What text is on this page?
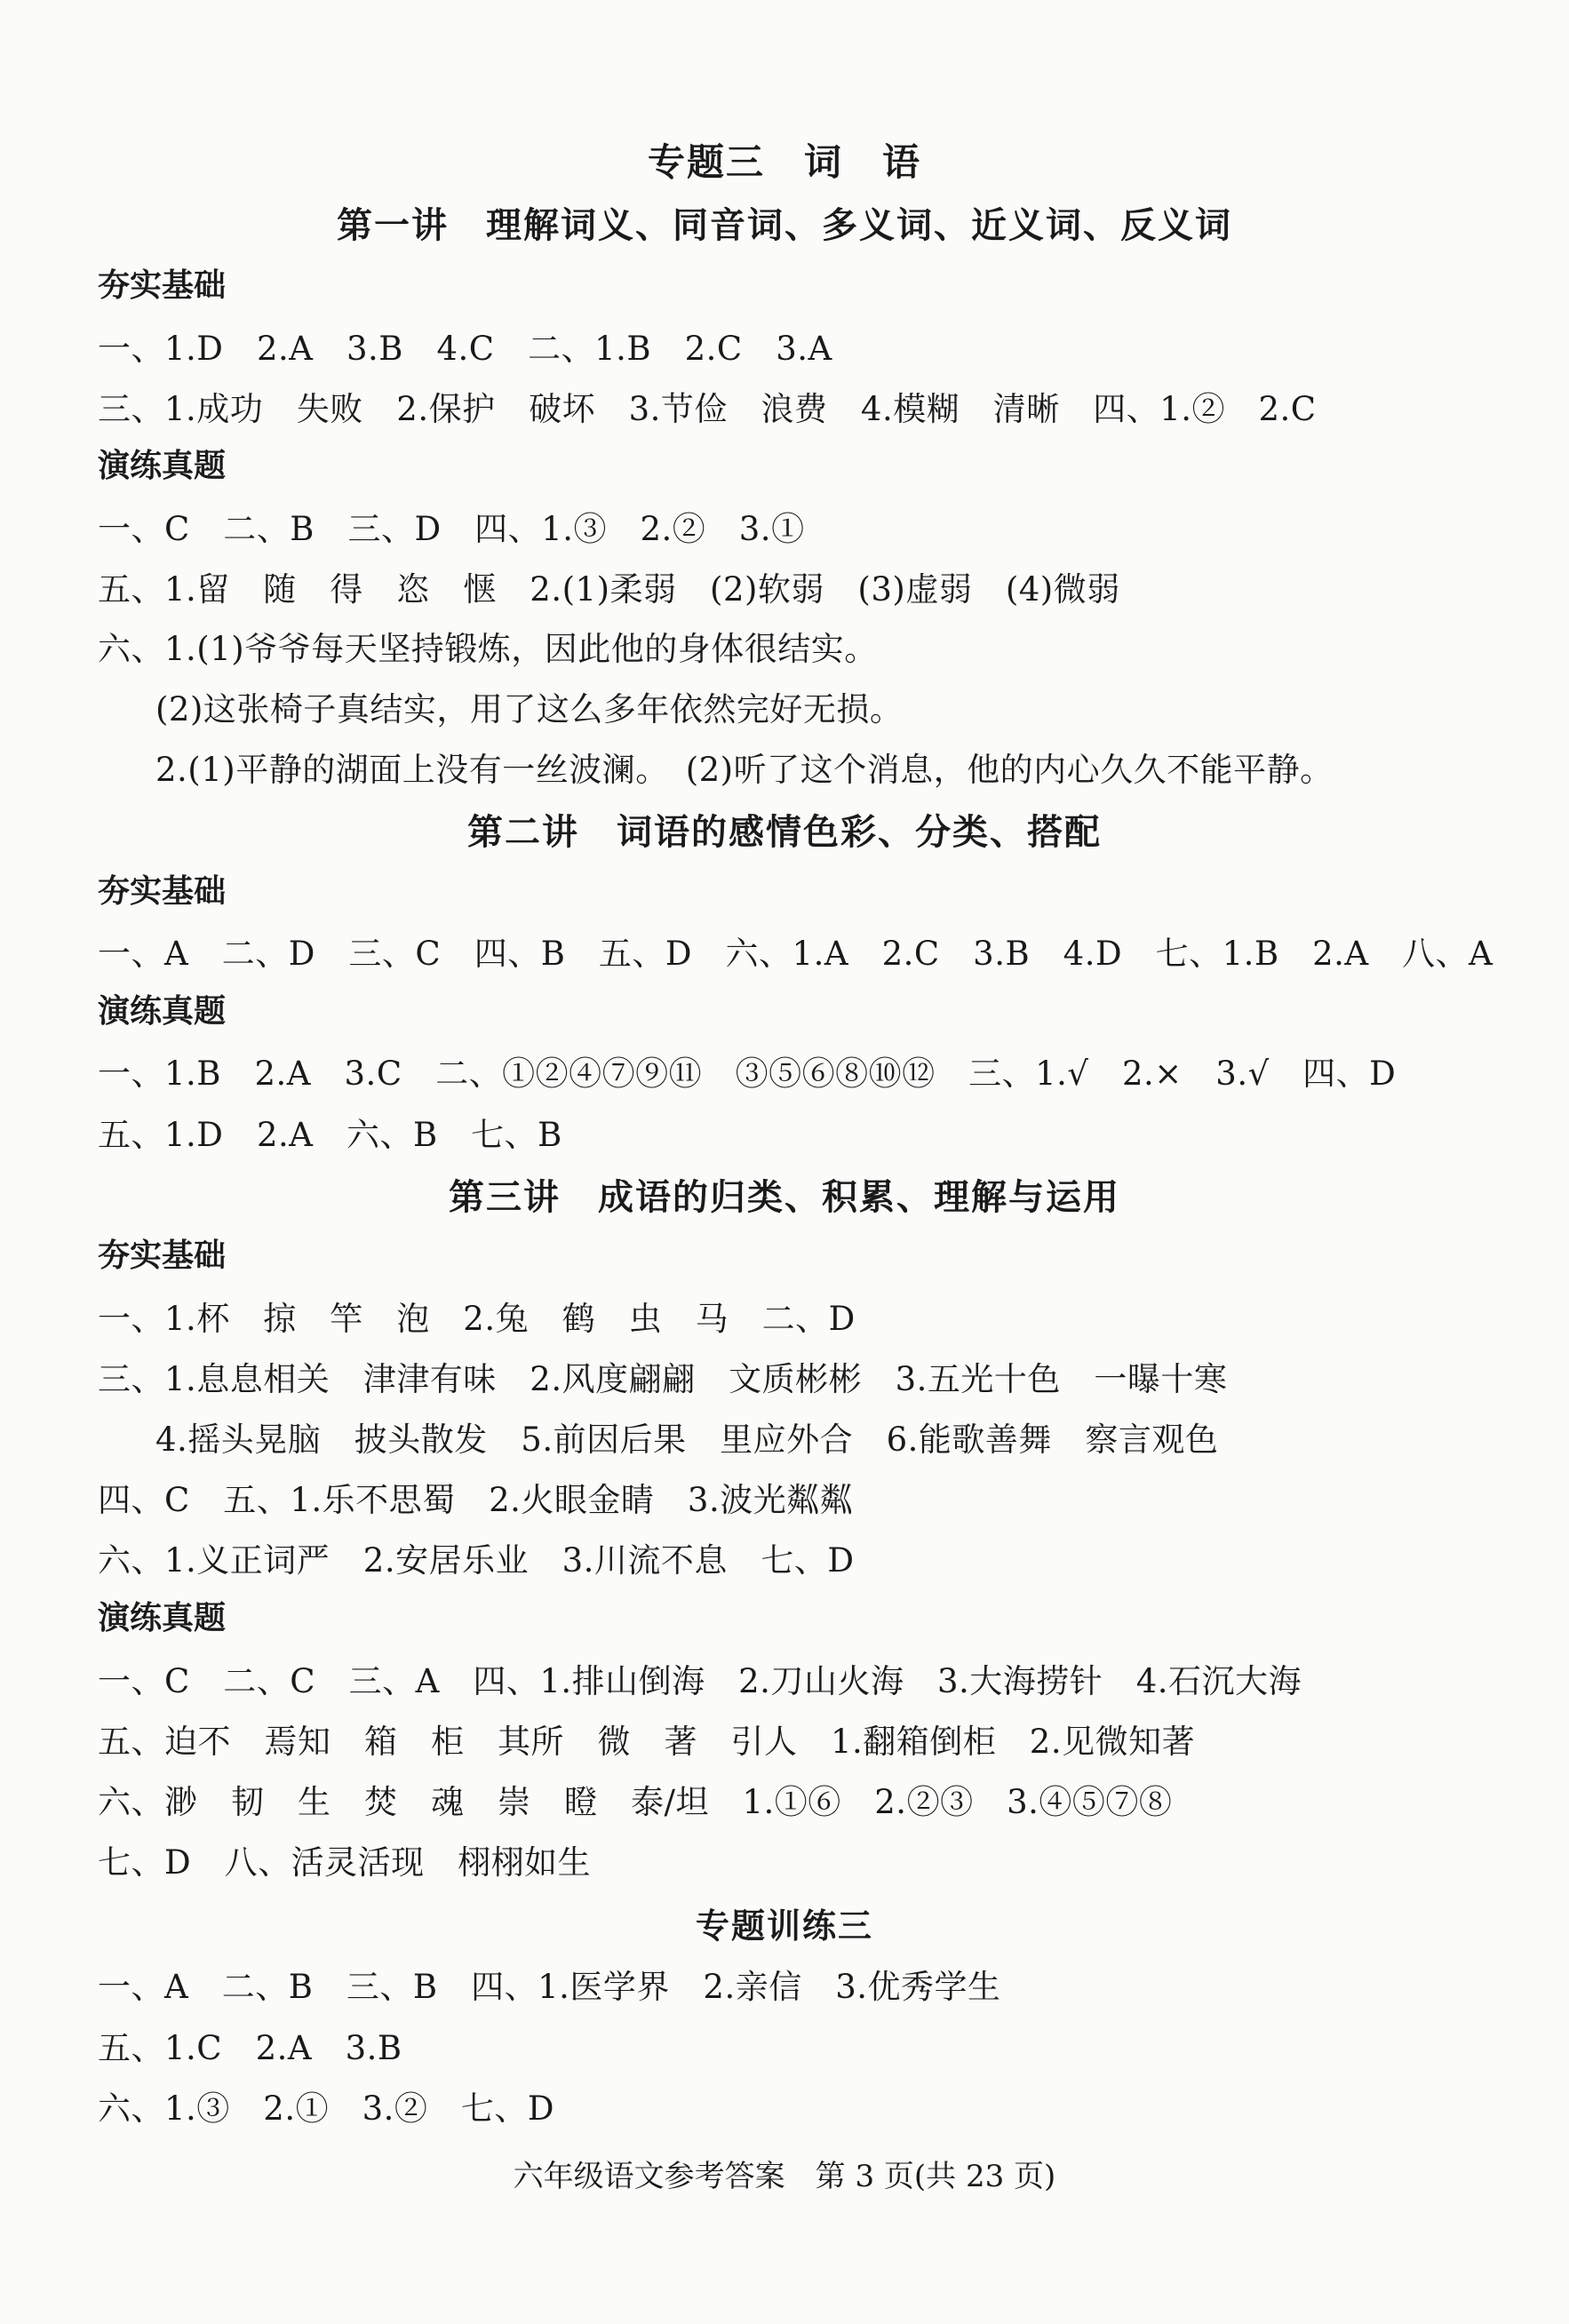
专题三　词　语
第一讲　理解词义、同音词、多义词、近义词、反义词
夯实基础
一、1.D　2.A　3.B　4.C　二、1.B　2.C　3.A
三、1.成功　失败　2.保护　破坏　3.节俭　浪费　4.模糊　清晰　四、1.②　2.C
演练真题
一、C　二、B　三、D　四、1.③　2.②　3.①
五、1.留　随　得　恣　惬　2.(1)柔弱　(2)软弱　(3)虚弱　(4)微弱
六、1.(1)爷爷每天坚持锻炼，因此他的身体很结实。
(2)这张椅子真结实，用了这么多年依然完好无损。
2.(1)平静的湖面上没有一丝波澜。　(2)听了这个消息，他的内心久久不能平静。
第二讲　词语的感情色彩、分类、搭配
夯实基础
一、A　二、D　三、C　四、B　五、D　六、1.A　2.C　3.B　4.D　七、1.B　2.A　八、A
演练真题
一、1.B　2.A　3.C　二、①②④⑦⑨⑪　③⑤⑥⑧⑩⑫　三、1.√　2.×　3.√　四、D
五、1.D　2.A　六、B　七、B
第三讲　成语的归类、积累、理解与运用
夯实基础
一、1.杯　掠　竿　泡　2.兔　鹤　虫　马　二、D
三、1.息息相关　津津有味　2.风度翩翩　文质彬彬　3.五光十色　一曝十寒
4.摇头晃脑　披头散发　5.前因后果　里应外合　6.能歌善舞　察言观色
四、C　五、1.乐不思蜀　2.火眼金睛　3.波光粼粼
六、1.义正词严　2.安居乐业　3.川流不息　七、D
演练真题
一、C　二、C　三、A　四、1.排山倒海　2.刀山火海　3.大海捞针　4.石沉大海
五、迫不　焉知　箱　柜　其所　微　著　引人　1.翻箱倒柜　2.见微知著
六、渺　韧　生　焚　魂　崇　瞪　泰/坦　1.①⑥　2.②③　3.④⑤⑦⑧
七、D　八、活灵活现　栩栩如生
专题训练三
一、A　二、B　三、B　四、1.医学界　2.亲信　3.优秀学生
五、1.C　2.A　3.B
六、1.③　2.①　3.②　七、D
六年级语文参考答案　第 3 页(共 23 页)
